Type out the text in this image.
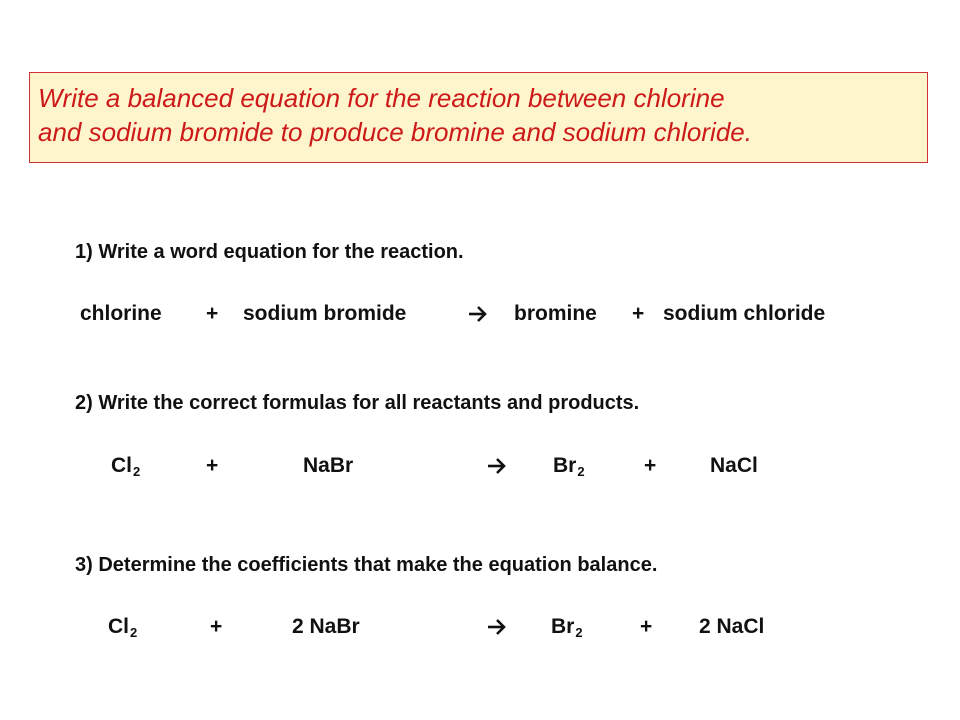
Write a balanced equation for the reaction between chlorine
and sodium bromide to produce bromine and sodium chloride.
1) Write a word equation for the reaction.
chlorine + sodium bromide	bromine + sodium chloride
2) Write the correct formulas for all reactants and products.
$Cl_2$	+	NaBr	$Br_2$	+	NaCl
3) Determine the coefficients that make the equation balance.
$Cl_2$	+	2 NaBr	$Br_2$	+ 2 NaCl
